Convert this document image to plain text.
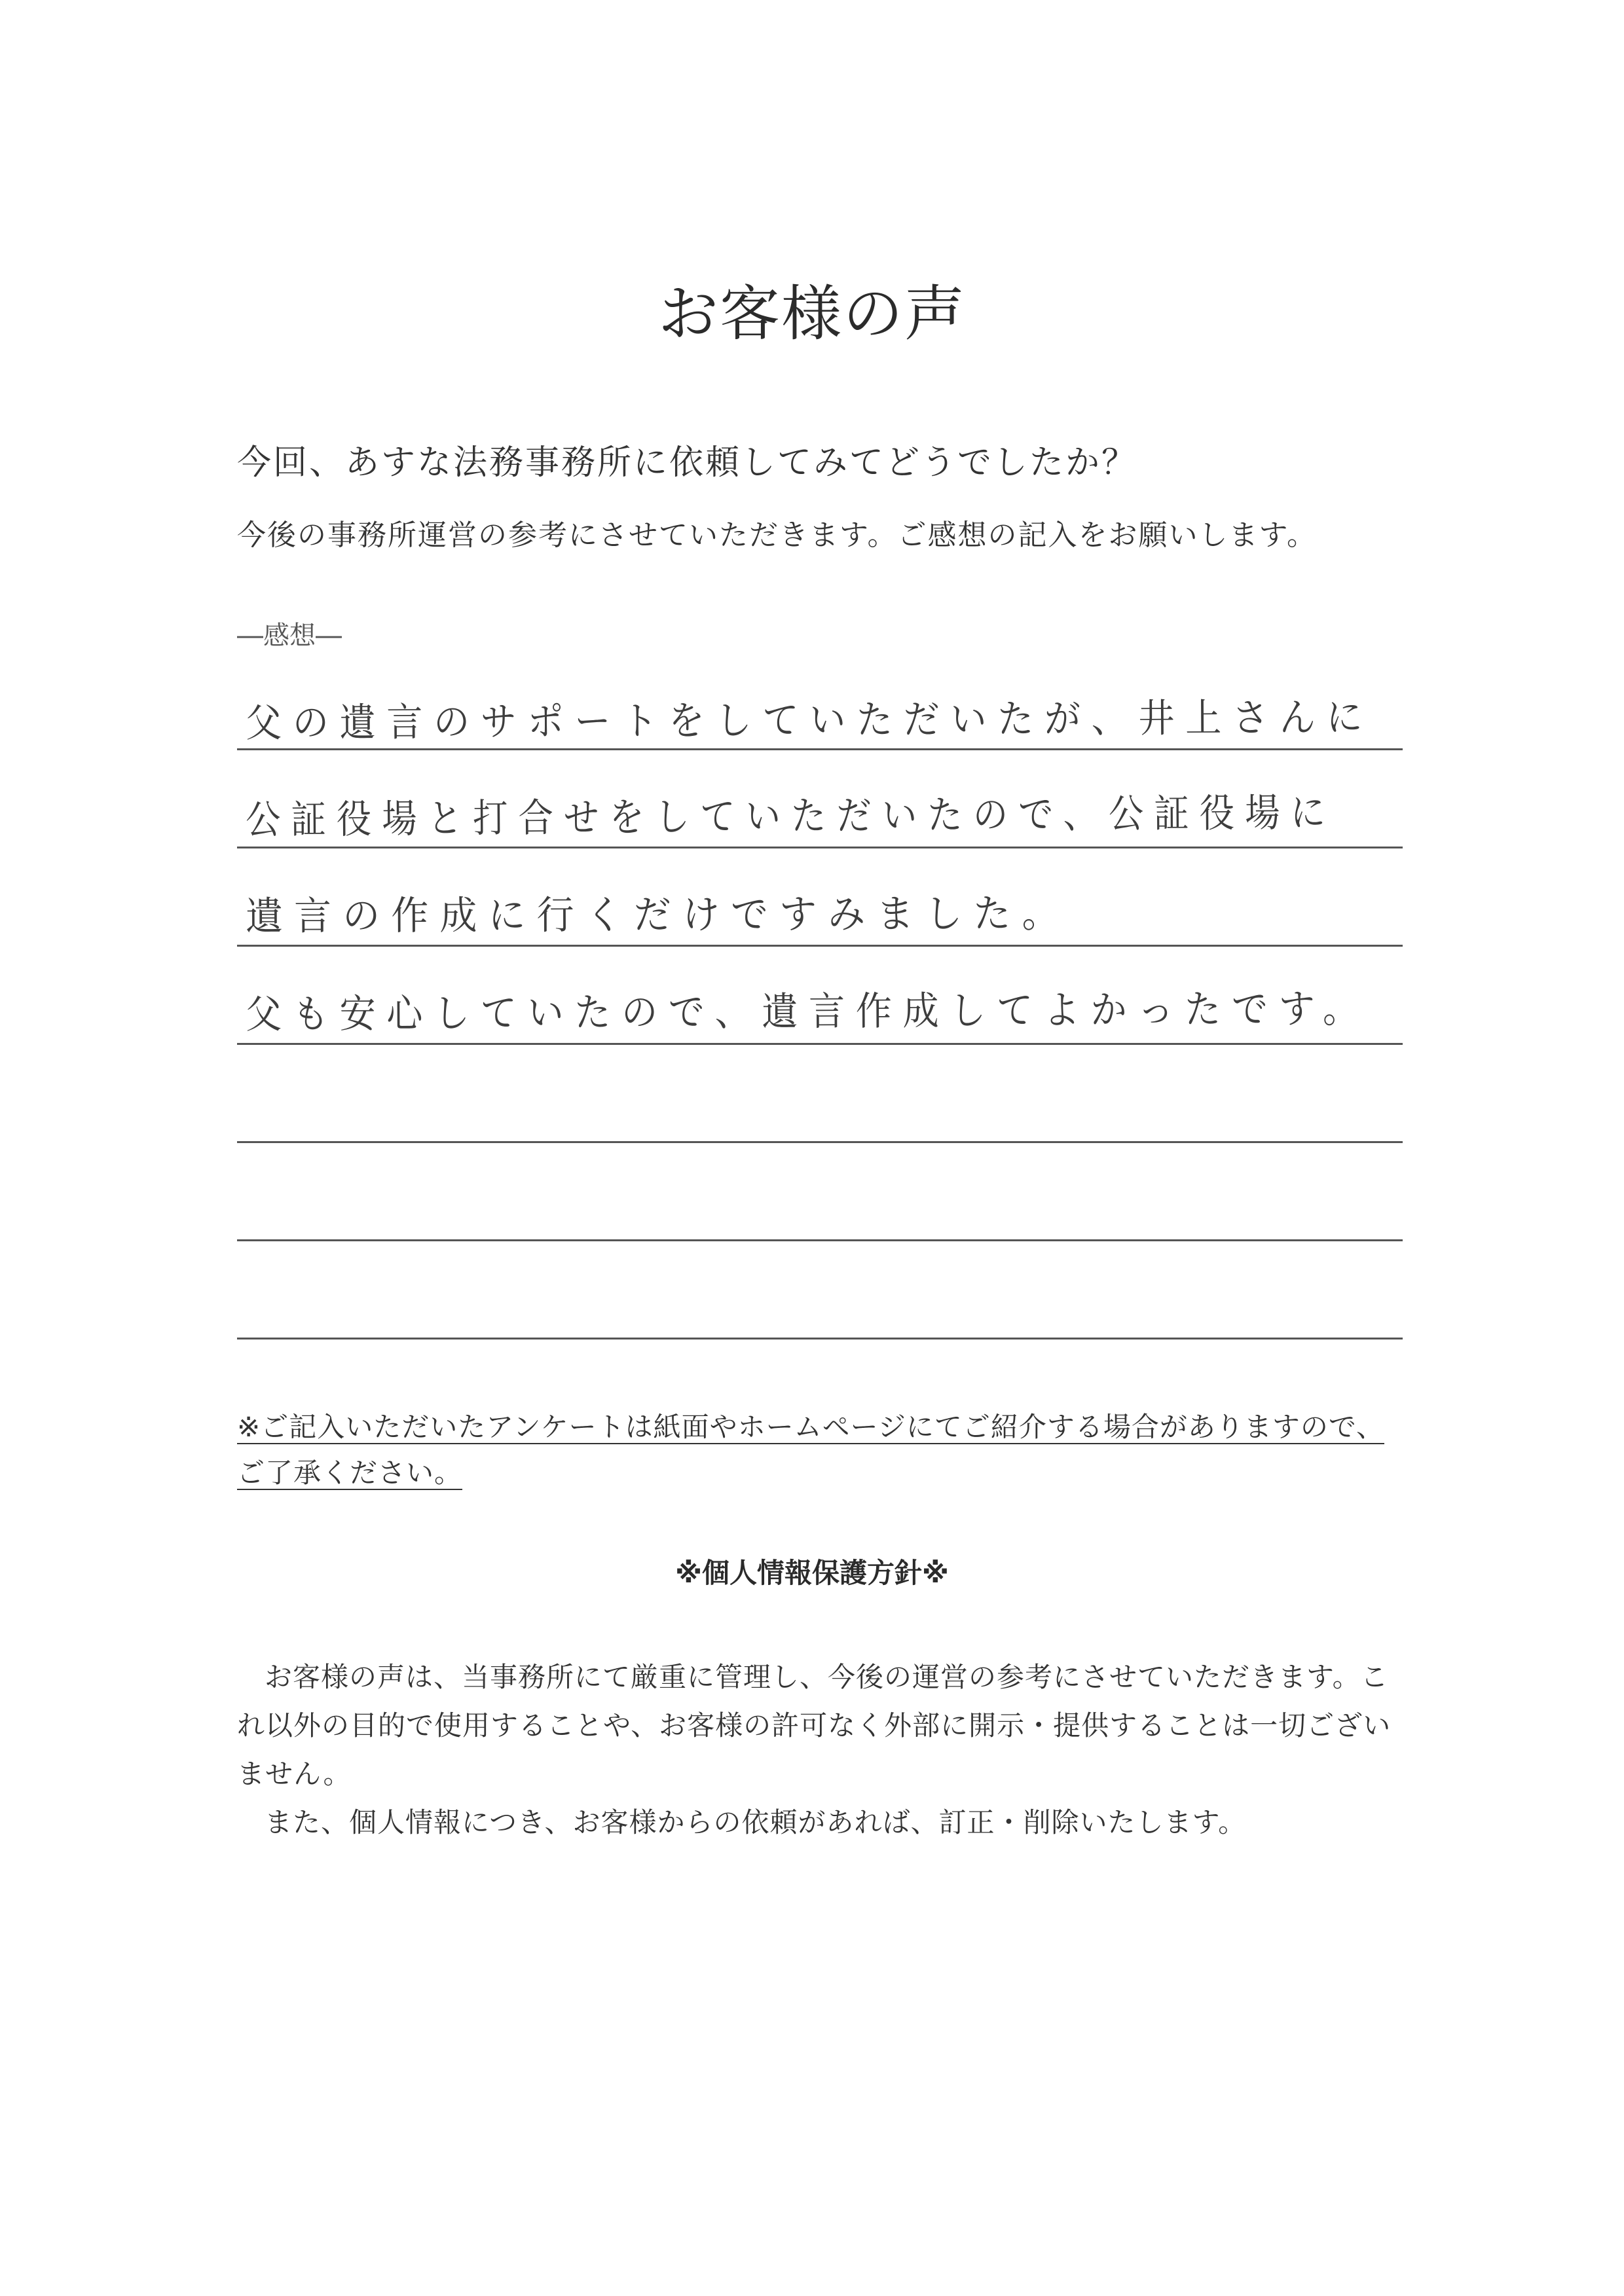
お客様の声
今回、あすな法務事務所に依頼してみてどうでしたか？
今後の事務所運営の参考にさせていただきます。ご感想の記入をお願いします。
―感想―
父の遺言のサポートをしていただいたが、井上さんに
公証役場と打合せをしていただいたので、公証役場に
遺言の作成に行くだけですみました。
父も安心していたので、遺言作成してよかったです。
※ご記入いただいたアンケートは紙面やホームページにてご紹介する場合がありますので、ご了承ください。
※個人情報保護方針※

お客様の声は、当事務所にて厳重に管理し、今後の運営の参考にさせていただきます。これ以外の目的で使用することや、お客様の許可なく外部に開示・提供することは一切ございません。

また、個人情報につき、お客様からの依頼があれば、訂正・削除いたします。
